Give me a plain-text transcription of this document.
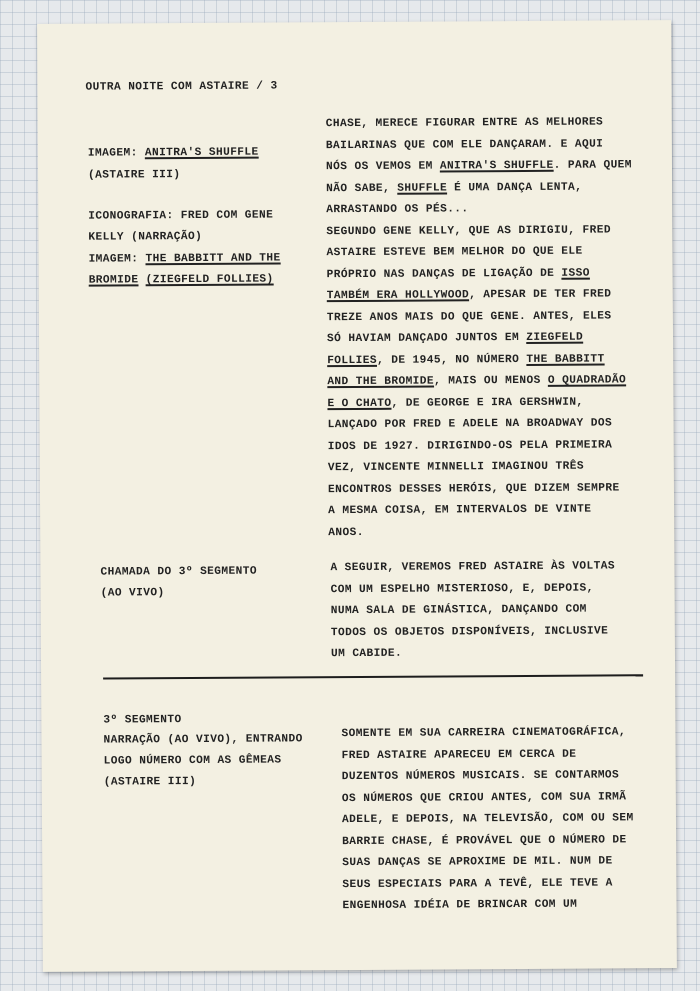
OUTRA NOITE COM ASTAIRE / 3
IMAGEM: ANITRA'S SHUFFLE
(ASTAIRE III)
ICONOGRAFIA: FRED COM GENE
KELLY (NARRAÇÃO)
IMAGEM: THE BABBITT AND THE
BROMIDE (ZIEGFELD FOLLIES)
CHAMADA DO 3º SEGMENTO
(AO VIVO)
3º SEGMENTO
NARRAÇÃO (AO VIVO), ENTRANDO
LOGO NÚMERO COM AS GÊMEAS
(ASTAIRE III)
CHASE, MERECE FIGURAR ENTRE AS MELHORES
BAILARINAS QUE COM ELE DANÇARAM. E AQUI
NÓS OS VEMOS EM ANITRA'S SHUFFLE. PARA QUEM
NÃO SABE, SHUFFLE É UMA DANÇA LENTA,
ARRASTANDO OS PÉS...
SEGUNDO GENE KELLY, QUE AS DIRIGIU, FRED
ASTAIRE ESTEVE BEM MELHOR DO QUE ELE
PRÓPRIO NAS DANÇAS DE LIGAÇÃO DE ISSO
TAMBÉM ERA HOLLYWOOD, APESAR DE TER FRED
TREZE ANOS MAIS DO QUE GENE. ANTES, ELES
SÓ HAVIAM DANÇADO JUNTOS EM ZIEGFELD
FOLLIES, DE 1945, NO NÚMERO THE BABBITT
AND THE BROMIDE, MAIS OU MENOS O QUADRADÃO
E O CHATO, DE GEORGE E IRA GERSHWIN,
LANÇADO POR FRED E ADELE NA BROADWAY DOS
IDOS DE 1927. DIRIGINDO-OS PELA PRIMEIRA
VEZ, VINCENTE MINNELLI IMAGINOU TRÊS
ENCONTROS DESSES HERÓIS, QUE DIZEM SEMPRE
A MESMA COISA, EM INTERVALOS DE VINTE
ANOS.
A SEGUIR, VEREMOS FRED ASTAIRE ÀS VOLTAS
COM UM ESPELHO MISTERIOSO, E, DEPOIS,
NUMA SALA DE GINÁSTICA, DANÇANDO COM
TODOS OS OBJETOS DISPONÍVEIS, INCLUSIVE
UM CABIDE.
SOMENTE EM SUA CARREIRA CINEMATOGRÁFICA,
FRED ASTAIRE APARECEU EM CERCA DE
DUZENTOS NÚMEROS MUSICAIS. SE CONTARMOS
OS NÚMEROS QUE CRIOU ANTES, COM SUA IRMÃ
ADELE, E DEPOIS, NA TELEVISÃO, COM OU SEM
BARRIE CHASE, É PROVÁVEL QUE O NÚMERO DE
SUAS DANÇAS SE APROXIME DE MIL. NUM DE
SEUS ESPECIAIS PARA A TEVÊ, ELE TEVE A
ENGENHOSA IDÉIA DE BRINCAR COM UM
